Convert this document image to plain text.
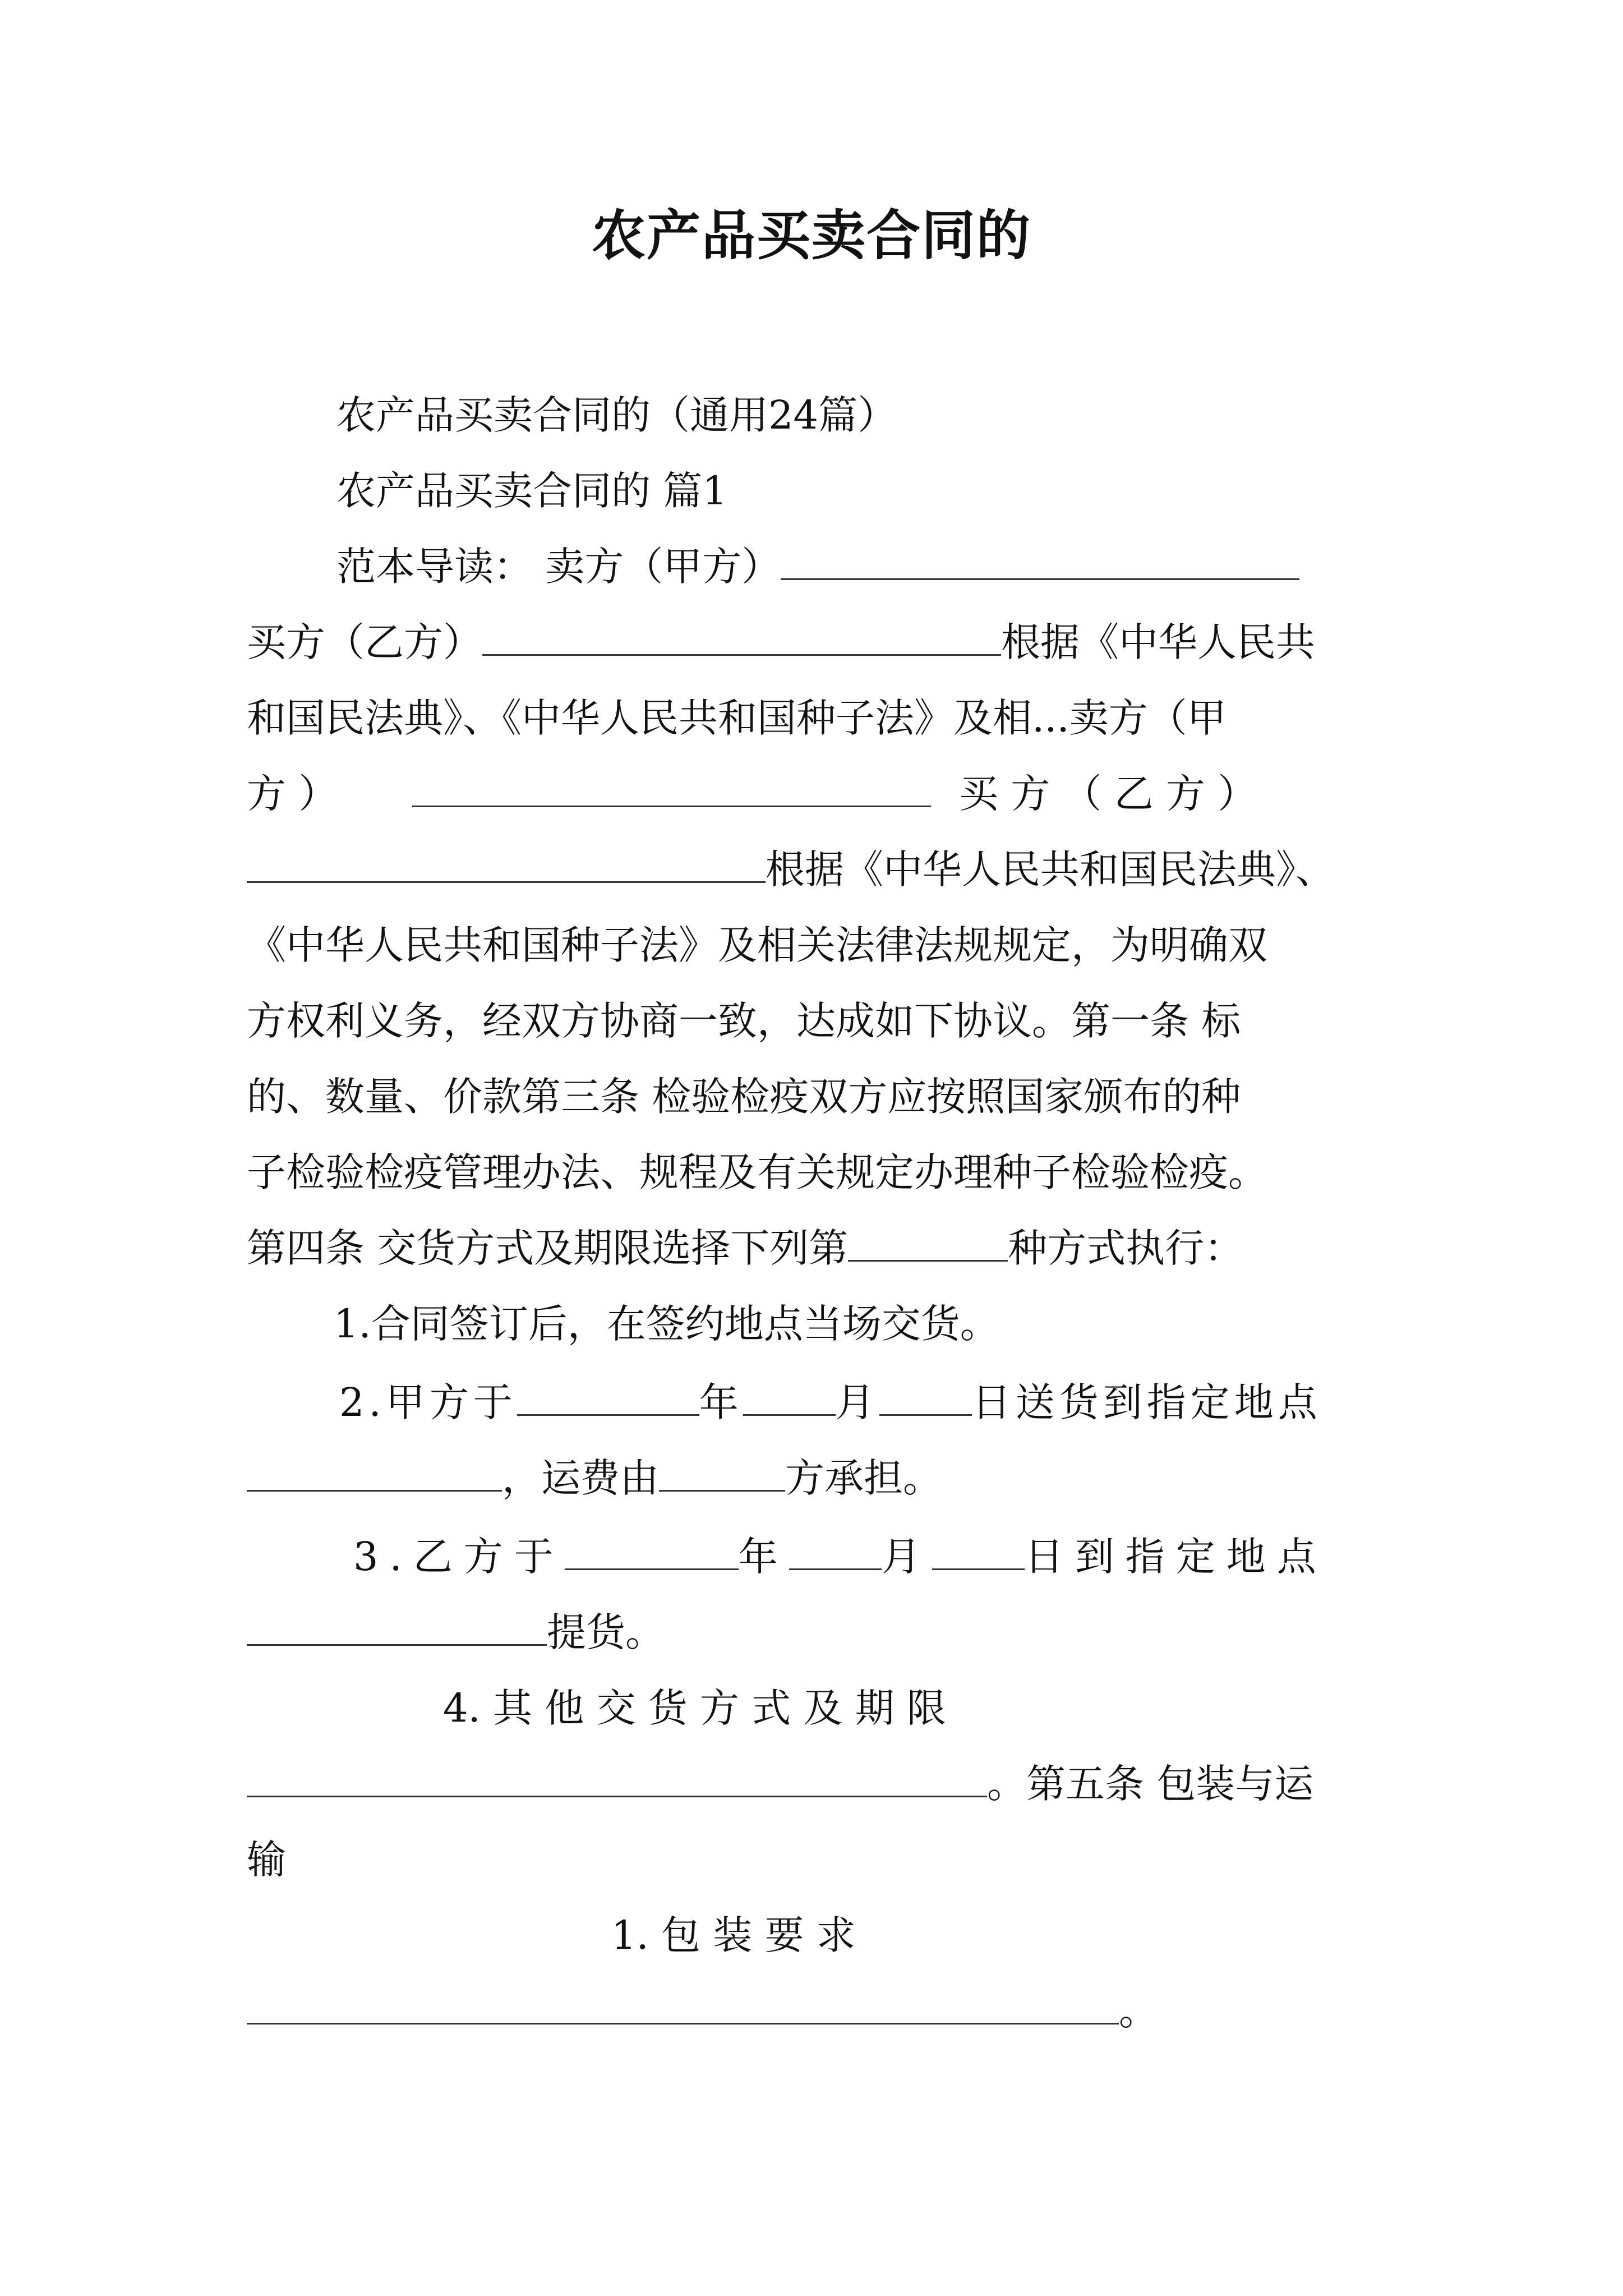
农产品买卖合同的
农产品买卖合同的（通用24篇）
农产品买卖合同的 篇1
范本导读： 卖方（甲方）
买方（乙方）	根据《中华人民共
和国民法典》、《中华人民共和国种子法》及相...卖方（甲
方 ）	买 方 （ 乙 方 ）
根据《中华人民共和国民法典》、
《中华人民共和国种子法》及相关法律法规规定，为明确双
方权利义务，经双方协商一致，达成如下协议。第一条 标
的、数量、价款第三条 检验检疫双方应按照国家颁布的种
子检验检疫管理办法、规程及有关规定办理种子检验检疫。
第四条 交货方式及期限选择下列第	种方式执行：
1.合同签订后，在签约地点当场交货。
2.甲方于	年 月 日送货到指定地点
，运费由	方承担。
3.乙方于	年 月 日到指定地点
提货。
4. 其 他 交 货 方 式 及 期 限
。第五条 包装与运
输
1. 包 装 要 求
。
